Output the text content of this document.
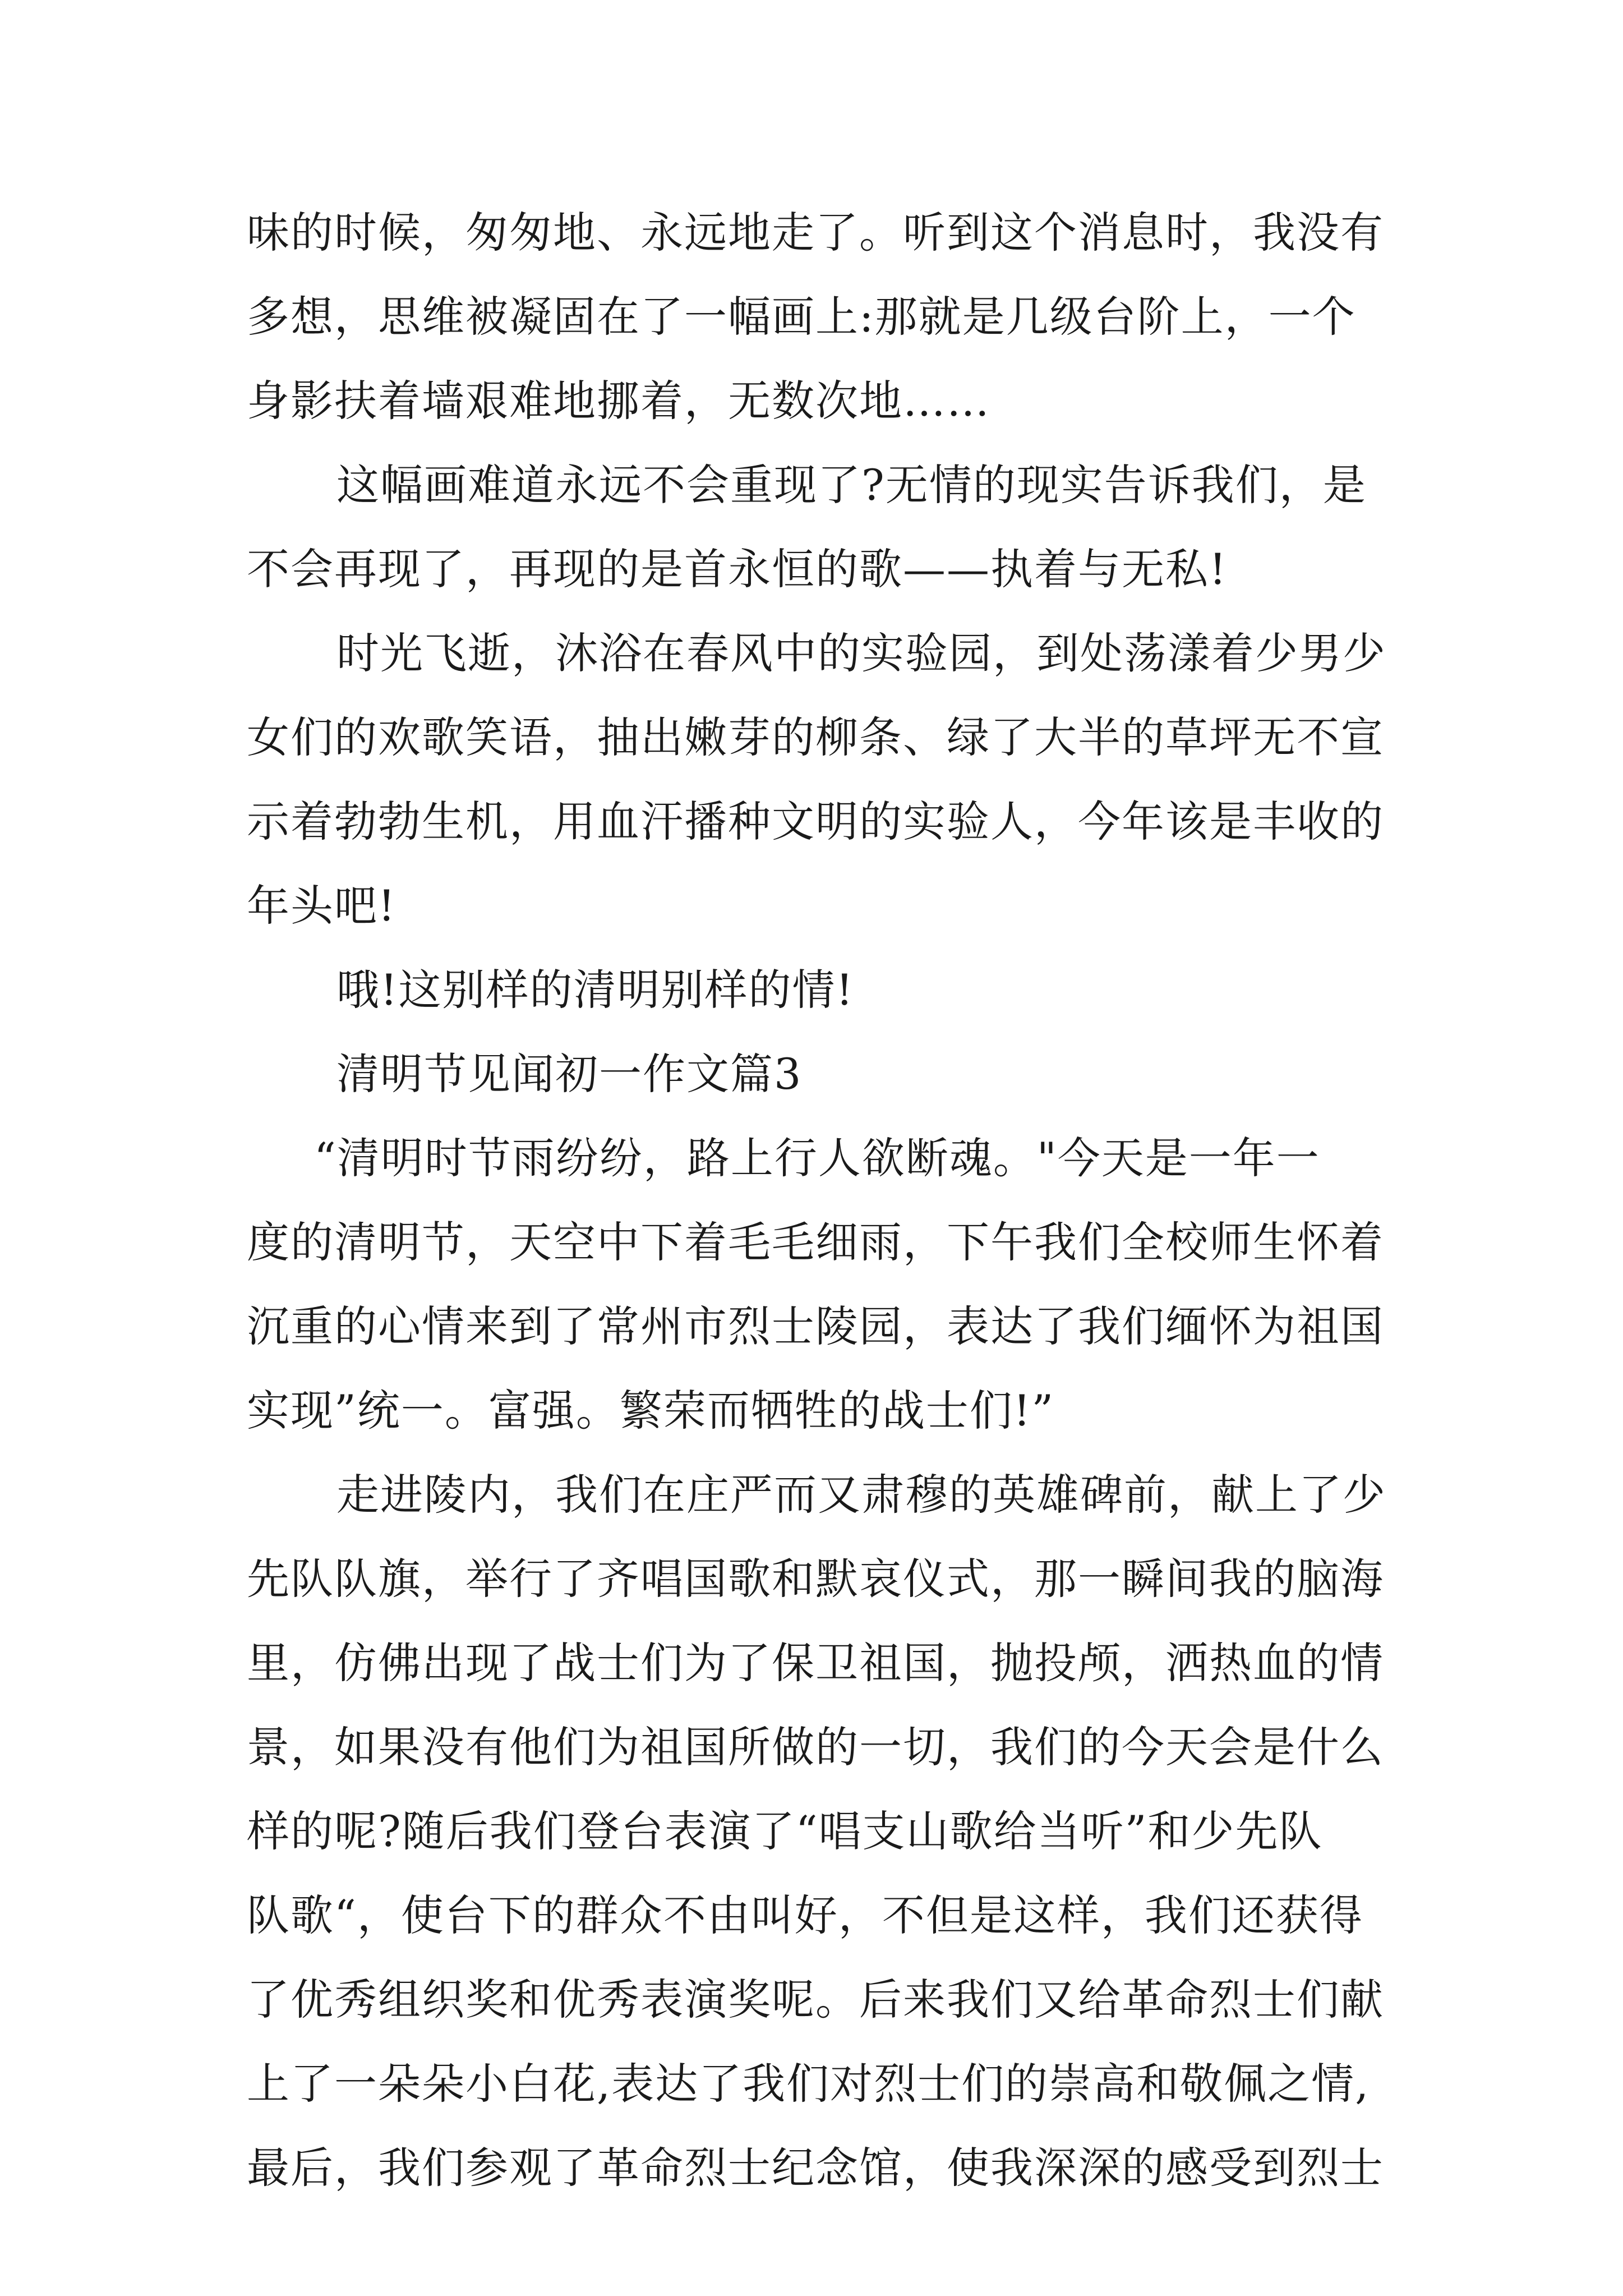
味的时候，匆匆地、永远地走了。听到这个消息时，我没有
多想，思维被凝固在了一幅画上:那就是几级台阶上，一个
身影扶着墙艰难地挪着，无数次地……
这幅画难道永远不会重现了?无情的现实告诉我们，是
不会再现了，再现的是首永恒的歌——执着与无私!
时光飞逝，沐浴在春风中的实验园，到处荡漾着少男少
女们的欢歌笑语，抽出嫩芽的柳条、绿了大半的草坪无不宣
示着勃勃生机，用血汗播种文明的实验人，今年该是丰收的
年头吧!
哦!这别样的清明别样的情!
清明节见闻初一作文篇3
“清明时节雨纷纷，路上行人欲断魂。"今天是一年一
度的清明节，天空中下着毛毛细雨，下午我们全校师生怀着
沉重的心情来到了常州市烈士陵园，表达了我们缅怀为祖国
实现”统一。富强。繁荣而牺牲的战士们!”
走进陵内，我们在庄严而又肃穆的英雄碑前，献上了少
先队队旗，举行了齐唱国歌和默哀仪式，那一瞬间我的脑海
里，仿佛出现了战士们为了保卫祖国，抛投颅，洒热血的情
景，如果没有他们为祖国所做的一切，我们的今天会是什么
样的呢?随后我们登台表演了“唱支山歌给当听”和少先队
队歌“，使台下的群众不由叫好，不但是这样，我们还获得
了优秀组织奖和优秀表演奖呢。后来我们又给革命烈士们献
上了一朵朵小白花,表达了我们对烈士们的崇高和敬佩之情,
最后，我们参观了革命烈士纪念馆，使我深深的感受到烈士
